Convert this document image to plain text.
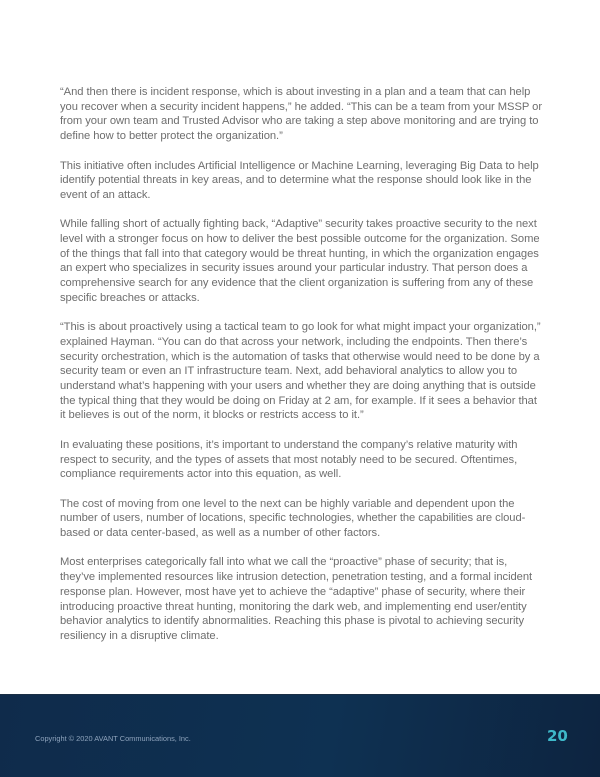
“And then there is incident response, which is about investing in a plan and a team that can help you recover when a security incident happens,” he added. “This can be a team from your MSSP or from your own team and Trusted Advisor who are taking a step above monitoring and are trying to define how to better protect the organization.”

This initiative often includes Artificial Intelligence or Machine Learning, leveraging Big Data to help identify potential threats in key areas, and to determine what the response should look like in the event of an attack.

While falling short of actually fighting back, “Adaptive” security takes proactive security to the next level with a stronger focus on how to deliver the best possible outcome for the organization. Some of the things that fall into that category would be threat hunting, in which the organization engages an expert who specializes in security issues around your particular industry. That person does a comprehensive search for any evidence that the client organization is suffering from any of these specific breaches or attacks.

“This is about proactively using a tactical team to go look for what might impact your organization,” explained Hayman. “You can do that across your network, including the endpoints. Then there’s security orchestration, which is the automation of tasks that otherwise would need to be done by a security team or even an IT infrastructure team. Next, add behavioral analytics to allow you to understand what’s happening with your users and whether they are doing anything that is outside the typical thing that they would be doing on Friday at 2 am, for example. If it sees a behavior that it believes is out of the norm, it blocks or restricts access to it.”

In evaluating these positions, it’s important to understand the company’s relative maturity with respect to security, and the types of assets that most notably need to be secured. Oftentimes, compliance requirements actor into this equation, as well.

The cost of moving from one level to the next can be highly variable and dependent upon the number of users, number of locations, specific technologies, whether the capabilities are cloud-based or data center-based, as well as a number of other factors.

Most enterprises categorically fall into what we call the “proactive” phase of security; that is, they’ve implemented resources like intrusion detection, penetration testing, and a formal incident response plan. However, most have yet to achieve the “adaptive” phase of security, where their introducing proactive threat hunting, monitoring the dark web, and implementing end user/entity behavior analytics to identify abnormalities. Reaching this phase is pivotal to achieving security resiliency in a disruptive climate.

Copyright © 2020 AVANT Communications, Inc.	20
